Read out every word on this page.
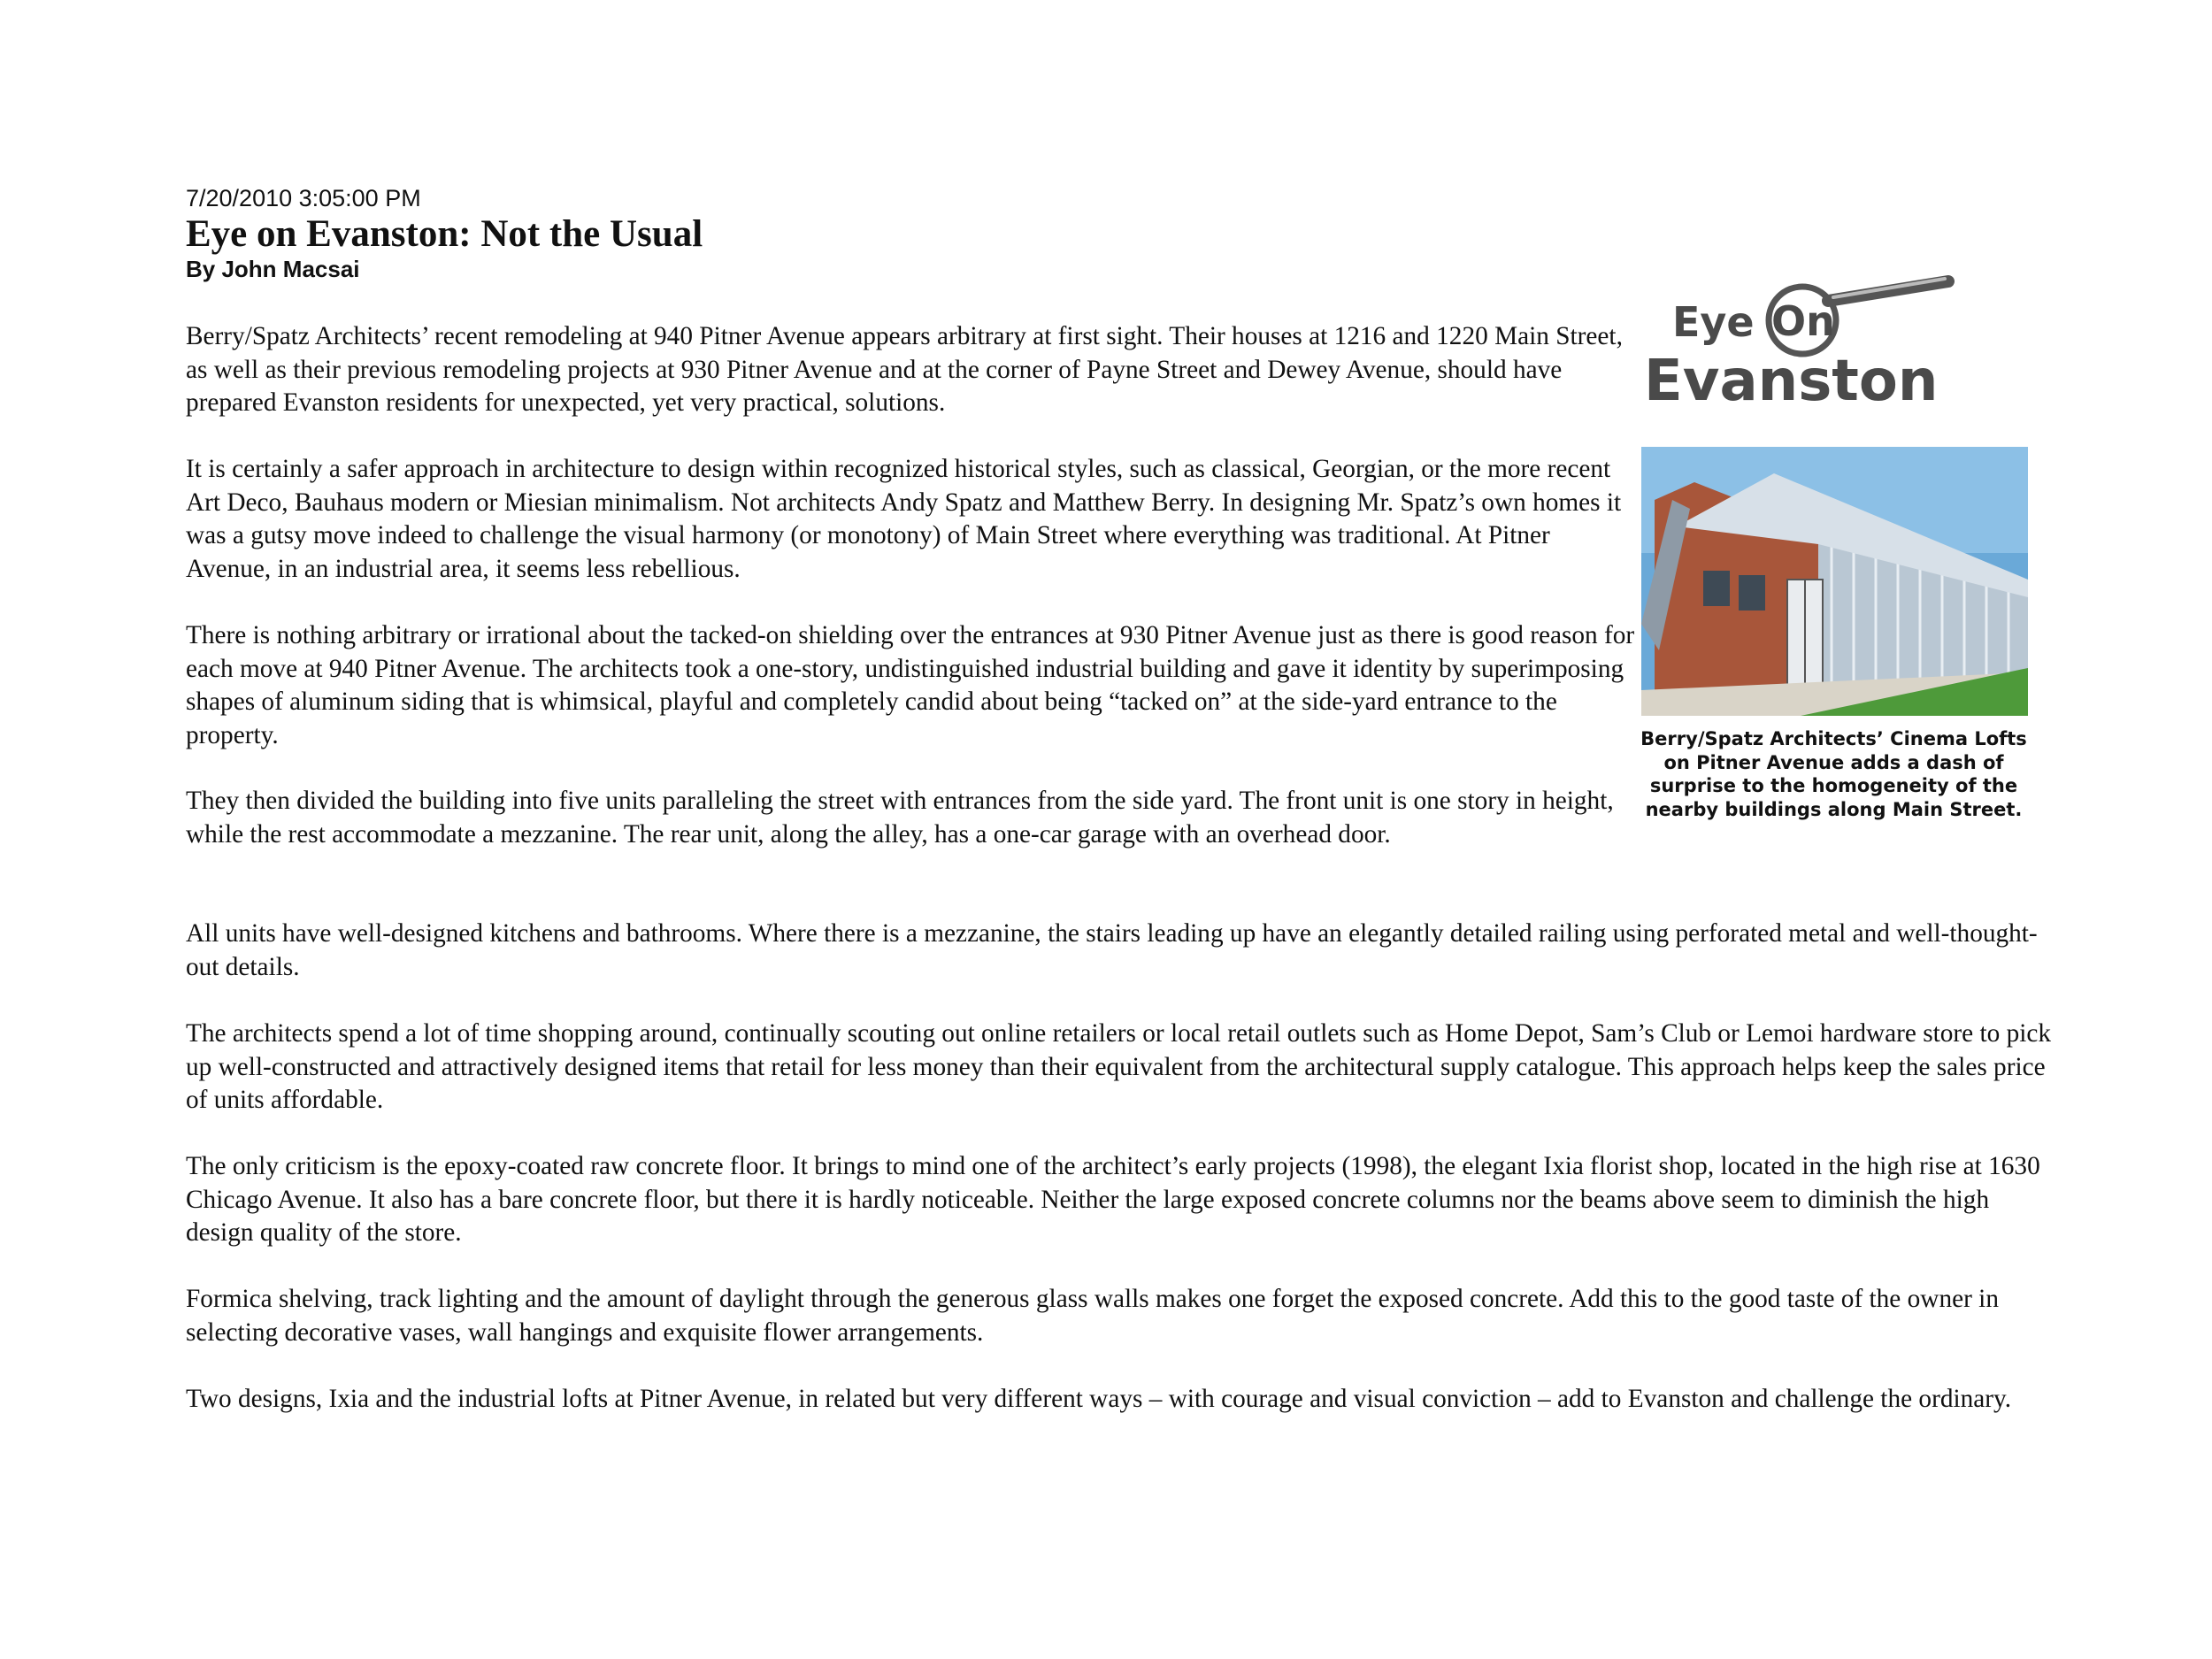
7/20/2010 3:05:00 PM
Eye on Evanston: Not the Usual
By John Macsai

Berry/Spatz Architects’ recent remodeling at 940 Pitner Avenue appears arbitrary at first sight. Their houses at 1216 and 1220 Main Street, as well as their previous remodeling projects at 930 Pitner Avenue and at the corner of Payne Street and Dewey Avenue, should have prepared Evanston residents for unexpected, yet very practical, solutions.

It is certainly a safer approach in architecture to design within recognized historical styles, such as classical, Georgian, or the more recent Art Deco, Bauhaus modern or Miesian minimalism. Not architects Andy Spatz and Matthew Berry. In designing Mr. Spatz’s own homes it was a gutsy move indeed to challenge the visual harmony (or monotony) of Main Street where everything was traditional. At Pitner Avenue, in an industrial area, it seems less rebellious.

There is nothing arbitrary or irrational about the tacked-on shielding over the entrances at 930 Pitner Avenue just as there is good reason for each move at 940 Pitner Avenue. The architects took a one-story, undistinguished industrial building and gave it identity by superimposing shapes of aluminum siding that is whimsical, playful and completely candid about being “tacked on” at the side-yard entrance to the property.

They then divided the building into five units paralleling the street with entrances from the side yard. The front unit is one story in height, while the rest accommodate a mezzanine. The rear unit, along the alley, has a one-car garage with an overhead door.

All units have well-designed kitchens and bathrooms. Where there is a mezzanine, the stairs leading up have an elegantly detailed railing using perforated metal and well-thought-out details.

The architects spend a lot of time shopping around, continually scouting out online retailers or local retail outlets such as Home Depot, Sam’s Club or Lemoi hardware store to pick up well-constructed and attractively designed items that retail for less money than their equivalent from the architectural supply catalogue. This approach helps keep the sales price of units affordable.

The only criticism is the epoxy-coated raw concrete floor. It brings to mind one of the architect’s early projects (1998), the elegant Ixia florist shop, located in the high rise at 1630 Chicago Avenue. It also has a bare concrete floor, but there it is hardly noticeable. Neither the large exposed concrete columns nor the beams above seem to diminish the high design quality of the store.

Formica shelving, track lighting and the amount of daylight through the generous glass walls makes one forget the exposed concrete. Add this to the good taste of the owner in selecting decorative vases, wall hangings and exquisite flower arrangements.

Two designs, Ixia and the industrial lofts at Pitner Avenue, in related but very different ways – with courage and visual conviction – add to Evanston and challenge the ordinary.

Eye On
Evanston
Berry/Spatz Architects’ Cinema Lofts on Pitner Avenue adds a dash of surprise to the homogeneity of the nearby buildings along Main Street.
